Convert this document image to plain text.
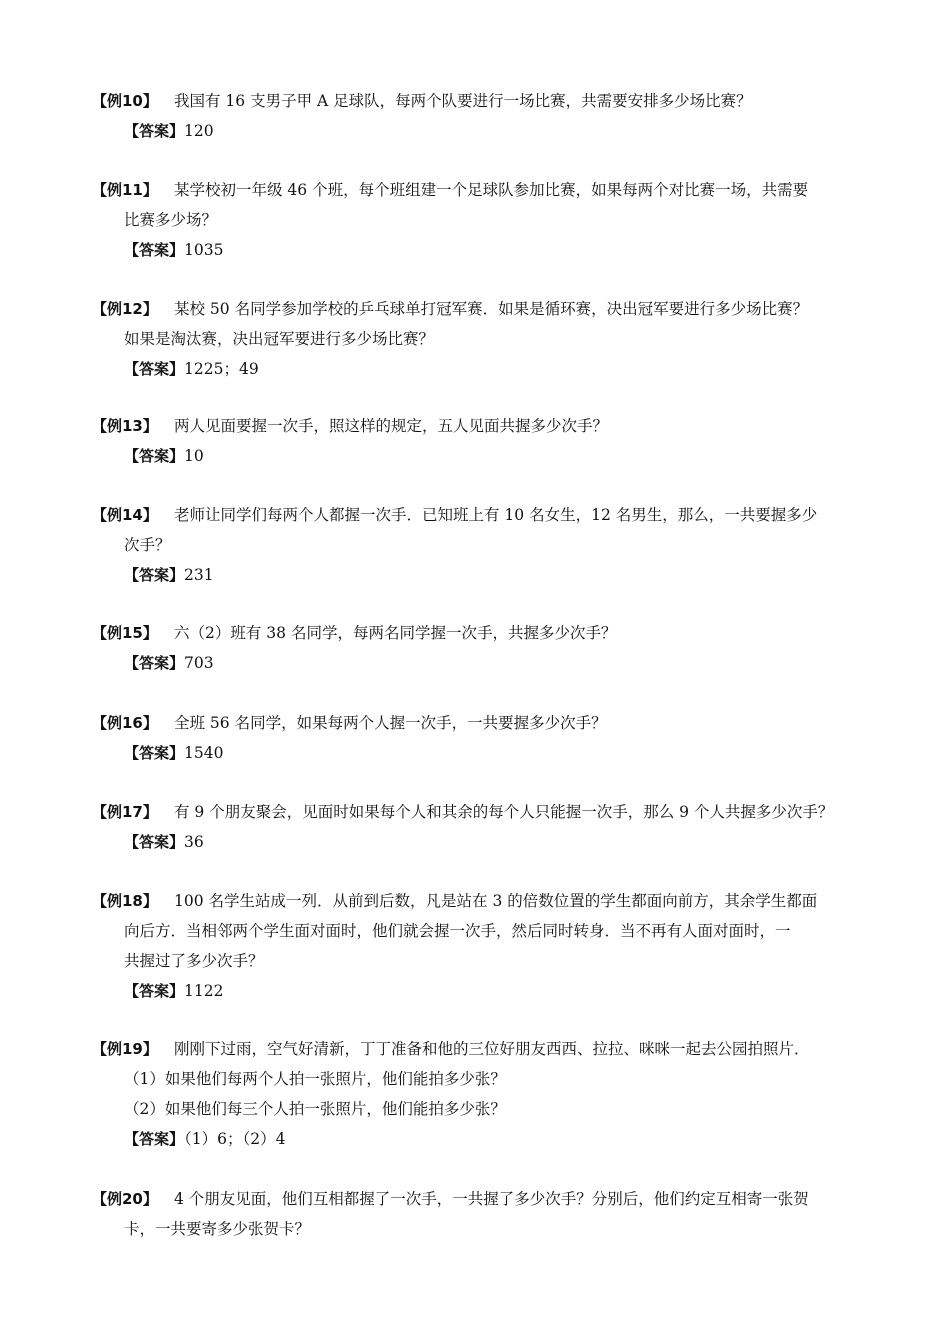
【例10】	我国有 16 支男子甲 A 足球队，每两个队要进行一场比赛，共需要安排多少场比赛？
【答案】120
【例11】	某学校初一年级 46 个班，每个班组建一个足球队参加比赛，如果每两个对比赛一场，共需要
比赛多少场？
【答案】1035
【例12】	某校 50 名同学参加学校的乒乓球单打冠军赛．如果是循环赛，决出冠军要进行多少场比赛？
如果是淘汰赛，决出冠军要进行多少场比赛？
【答案】1225；49
【例13】	两人见面要握一次手，照这样的规定，五人见面共握多少次手？
【答案】10
【例14】	老师让同学们每两个人都握一次手．已知班上有 10 名女生，12 名男生，那么，一共要握多少
次手？
【答案】231
【例15】	六（2）班有 38 名同学，每两名同学握一次手，共握多少次手？
【答案】703
【例16】	全班 56 名同学，如果每两个人握一次手，一共要握多少次手？
【答案】1540
【例17】	有 9 个朋友聚会，见面时如果每个人和其余的每个人只能握一次手，那么 9 个人共握多少次手？
【答案】36
【例18】	100 名学生站成一列．从前到后数，凡是站在 3 的倍数位置的学生都面向前方，其余学生都面
向后方．当相邻两个学生面对面时，他们就会握一次手，然后同时转身．当不再有人面对面时，一
共握过了多少次手？
【答案】1122
【例19】	刚刚下过雨，空气好清新，丁丁准备和他的三位好朋友西西、拉拉、咪咪一起去公园拍照片．
（1）如果他们每两个人拍一张照片，他们能拍多少张？
（2）如果他们每三个人拍一张照片，他们能拍多少张？
【答案】（1）6；（2）4
【例20】	4 个朋友见面，他们互相都握了一次手，一共握了多少次手？分别后，他们约定互相寄一张贺
卡，一共要寄多少张贺卡？
